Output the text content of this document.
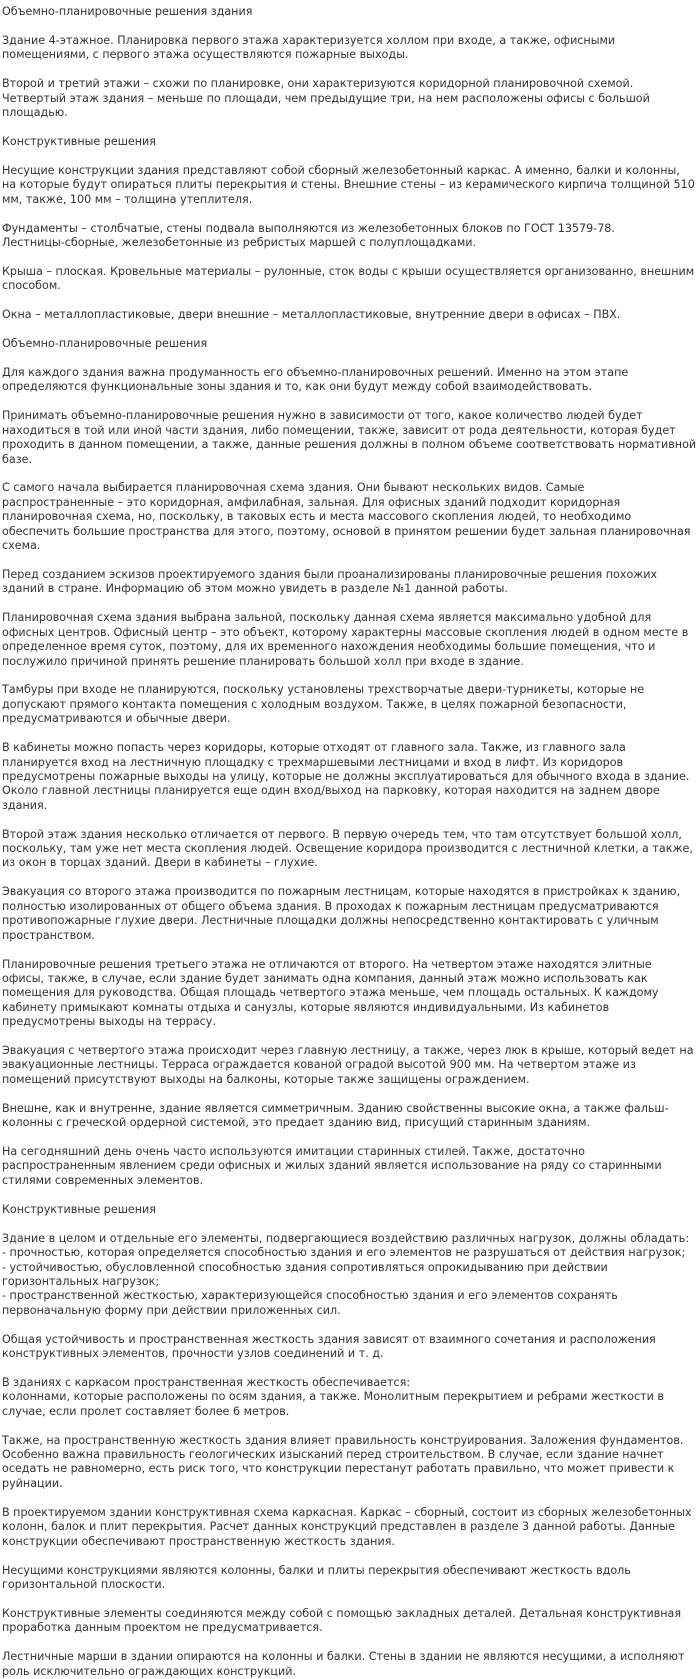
Объемно-планировочные решения здания
Здание 4-этажное. Планировка первого этажа характеризуется холлом при входе, а также, офисными помещениями, с первого этажа осуществляются пожарные выходы.
Второй и третий этажи – схожи по планировке, они характеризуются коридорной планировочной схемой. Четвертый этаж здания – меньше по площади, чем предыдущие три, на нем расположены офисы с большой площадью.
Конструктивные решения
Несущие конструкции здания представляют собой сборный железобетонный каркас. А именно, балки и колонны, на которые будут опираться плиты перекрытия и стены. Внешние стены – из керамического кирпича толщиной 510 мм, также, 100 мм – толщина утеплителя.
Фундаменты – столбчатые, стены подвала выполняются из железобетонных блоков по ГОСТ 13579-78.
Лестницы-сборные, железобетонные из ребристых маршей с полуплощадками.
Крыша – плоская. Кровельные материалы – рулонные, сток воды с крыши осуществляется организованно, внешним способом.
Окна – металлопластиковые, двери внешние – металлопластиковые, внутренние двери в офисах – ПВХ.
Объемно-планировочные решения
Для каждого здания важна продуманность его объемно-планировочных решений. Именно на этом этапе определяются функциональные зоны здания и то, как они будут между собой взаимодействовать.
Принимать объемно-планировочные решения нужно в зависимости от того, какое количество людей будет находиться в той или иной части здания, либо помещении, также, зависит от рода деятельности, которая будет проходить в данном помещении, а также, данные решения должны в полном объеме соответствовать нормативной базе.
С самого начала выбирается планировочная схема здания. Они бывают нескольких видов. Самые распространенные – это коридорная, амфилабная, зальная. Для офисных зданий подходит коридорная планировочная схема, но, поскольку, в таковых есть и места массового скопления людей, то необходимо обеспечить большие пространства для этого, поэтому, основой в принятом решении будет зальная планировочная схема.
Перед созданием эскизов проектируемого здания были проанализированы планировочные решения похожих зданий в стране. Информацию об этом можно увидеть в разделе №1 данной работы.
Планировочная схема здания выбрана зальной, поскольку данная схема является максимально удобной для офисных центров. Офисный центр – это объект, которому характерны массовые скопления людей в одном месте в определенное время суток, поэтому, для их временного нахождения необходимы большие помещения, что и послужило причиной принять решение планировать большой холл при входе в здание.
Тамбуры при входе не планируются, поскольку установлены трехстворчатые двери-турникеты, которые не допускают прямого контакта помещения с холодным воздухом. Также, в целях пожарной безопасности, предусматриваются и обычные двери.
В кабинеты можно попасть через коридоры, которые отходят от главного зала. Также, из главного зала планируется вход на лестничную площадку с трехмаршевыми лестницами и вход в лифт. Из коридоров предусмотрены пожарные выходы на улицу, которые не должны эксплуатироваться для обычного входа в здание. Около главной лестницы планируется еще один вход/выход на парковку, которая находится на заднем дворе здания.
Второй этаж здания несколько отличается от первого. В первую очередь тем, что там отсутствует большой холл, поскольку, там уже нет места скопления людей. Освещение коридора производится с лестничной клетки, а также, из окон в торцах зданий. Двери в кабинеты – глухие.
Эвакуация со второго этажа производится по пожарным лестницам, которые находятся в пристройках к зданию, полностью изолированных от общего объема здания. В проходах к пожарным лестницам предусматриваются противопожарные глухие двери. Лестничные площадки должны непосредственно контактировать с уличным пространством.
Планировочные решения третьего этажа не отличаются от второго. На четвертом этаже находятся элитные офисы, также, в случае, если здание будет занимать одна компания, данный этаж можно использовать как помещения для руководства. Общая площадь четвертого этажа меньше, чем площадь остальных. К каждому кабинету примыкают комнаты отдыха и санузлы, которые являются индивидуальными. Из кабинетов предусмотрены выходы на террасу.
Эвакуация с четвертого этажа происходит через главную лестницу, а также, через люк в крыше, который ведет на эвакуационные лестницы. Терраса ограждается кованой оградой высотой 900 мм. На четвертом этаже из помещений присутствуют выходы на балконы, которые также защищены ограждением.
Внешне, как и внутренне, здание является симметричным. Зданию свойственны высокие окна, а также фальш-колонны с греческой ордерной системой, это предает зданию вид, присущий старинным зданиям.
На сегодняшний день очень часто используются имитации старинных стилей. Также, достаточно распространенным явлением среди офисных и жилых зданий является использование на ряду со старинными стилями современных элементов.
Конструктивные решения
Здание в целом и отдельные его элементы, подвергающиеся воздействию различных нагрузок, должны обладать:
- прочностью, которая определяется способностью здания и его элементов не разрушаться от действия нагрузок;
- устойчивостью, обусловленной способностью здания сопротивляться опрокидыванию при действии горизонтальных нагрузок;
- пространственной жесткостью, характеризующейся способностью здания и его элементов сохранять первоначальную форму при действии приложенных сил.
Общая устойчивость и пространственная жесткость здания зависят от взаимного сочетания и расположения конструктивных элементов, прочности узлов соединений и т. д.
В зданиях с каркасом пространственная жесткость обеспечивается:
колоннами, которые расположены по осям здания, а также. Монолитным перекрытием и ребрами жесткости в случае, если пролет составляет более 6 метров.
Также, на пространственную жесткость здания влияет правильность конструирования. Заложения фундаментов. Особенно важна правильность геологических изысканий перед строительством. В случае, если здание начнет оседать не равномерно, есть риск того, что конструкции перестанут работать правильно, что может привести к руйнации.
В проектируемом здании конструктивная схема каркасная. Каркас – сборный, состоит из сборных железобетонных колонн, балок и плит перекрытия. Расчет данных конструкций представлен в разделе 3 данной работы. Данные конструкции обеспечивают пространственную жесткость здания.
Несущими конструкциями являются колонны, балки и плиты перекрытия обеспечивают жесткость вдоль горизонтальной плоскости.
Конструктивные элементы соединяются между собой с помощью закладных деталей. Детальная конструктивная проработка данным проектом не предусматривается.
Лестничные марши в здании опираются на колонны и балки. Стены в здании не являются несущими, а исполняют роль исключительно ограждающих конструкций.
